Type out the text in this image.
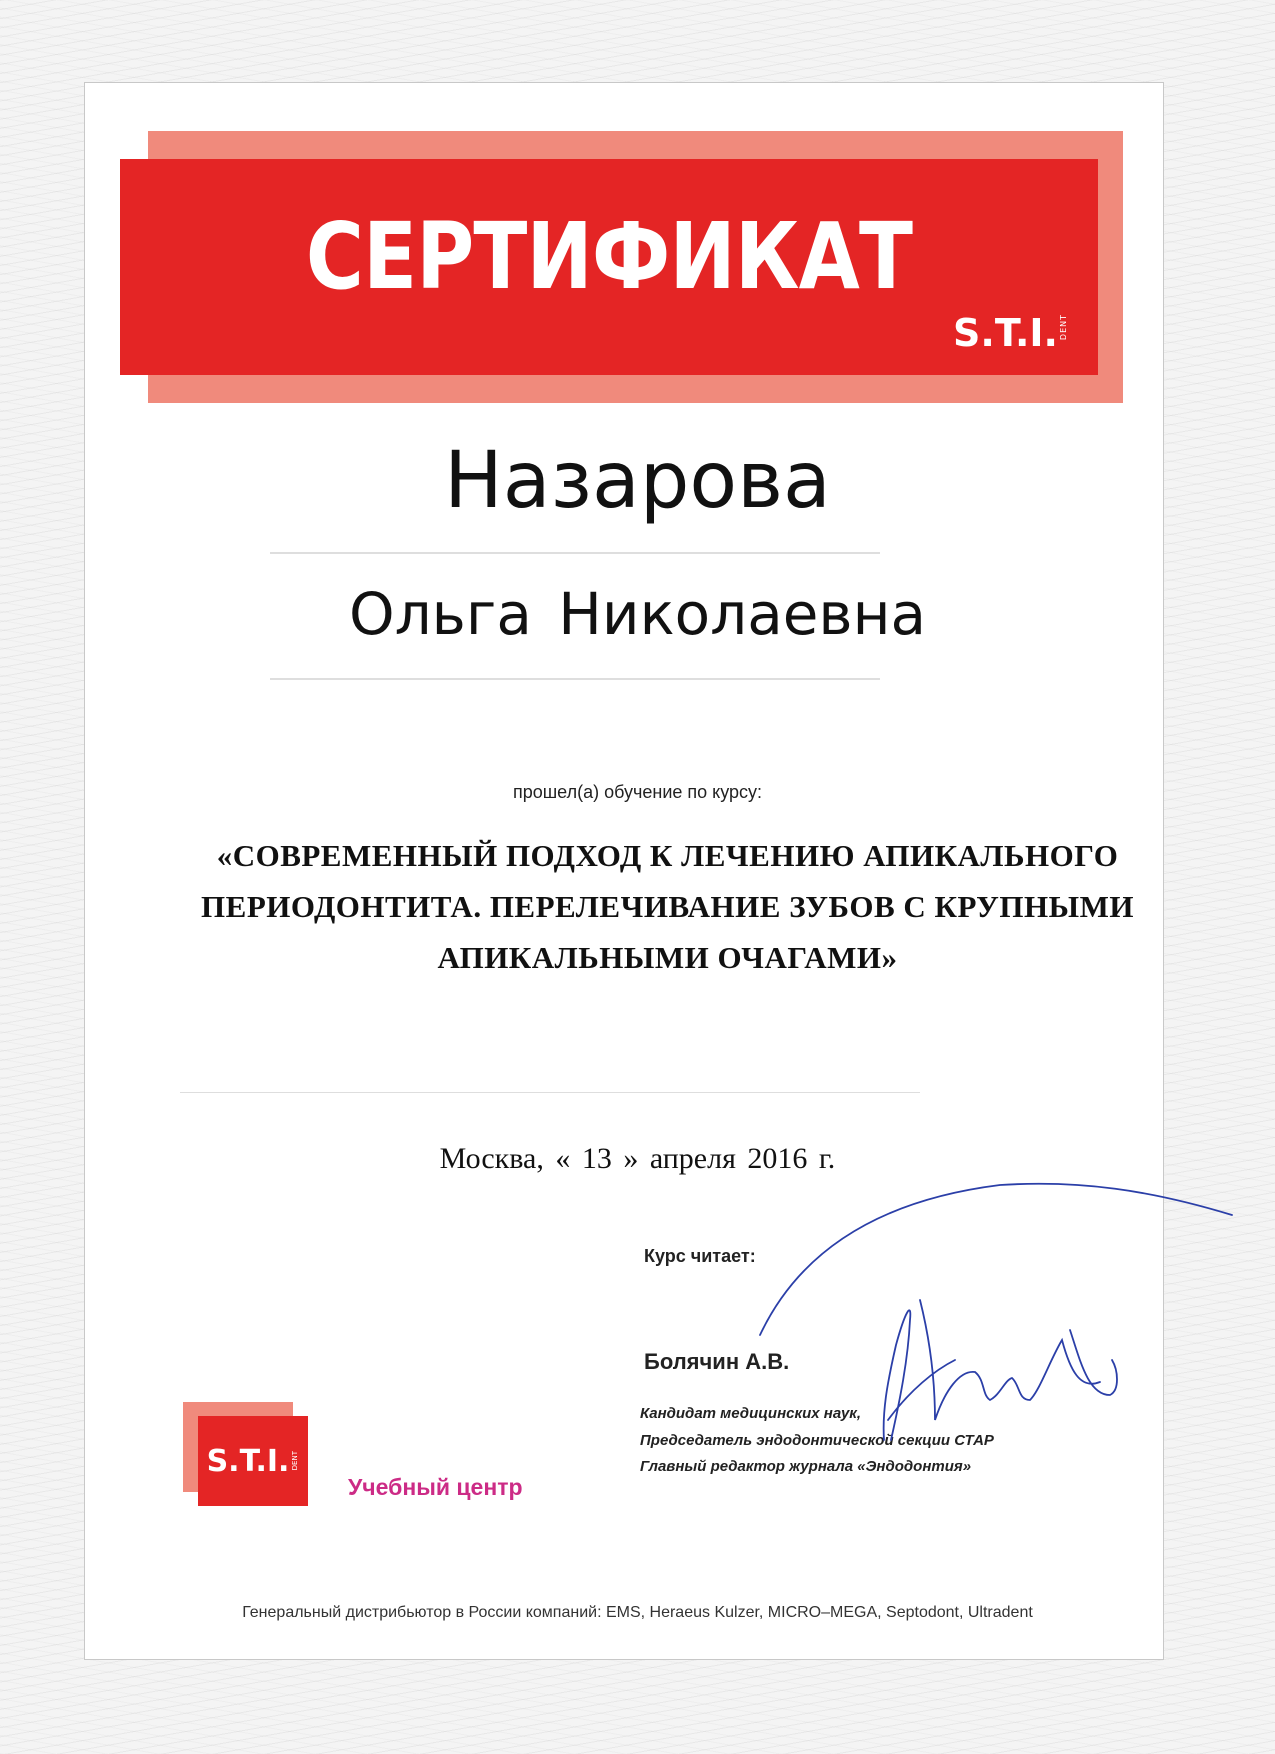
СЕРТИФИКАТ
S.T.I. DENT
Назарова
Ольга Николаевна
прошел(а) обучение по курсу:
«СОВРЕМЕННЫЙ ПОДХОД К ЛЕЧЕНИЮ АПИКАЛЬНОГО
ПЕРИОДОНТИТА. ПЕРЕЛЕЧИВАНИЕ ЗУБОВ С КРУПНЫМИ
АПИКАЛЬНЫМИ ОЧАГАМИ»
Москва, « 13 » апреля 2016 г.
Курс читает:
Болячин А.В.
Кандидат медицинских наук,
Председатель эндодонтической секции СТАР
Главный редактор журнала «Эндодонтия»
S.T.I. DENT
Учебный центр
Генеральный дистрибьютор в России компаний: EMS, Heraeus Kulzer, MICRO–MEGA, Septodont, Ultradent
